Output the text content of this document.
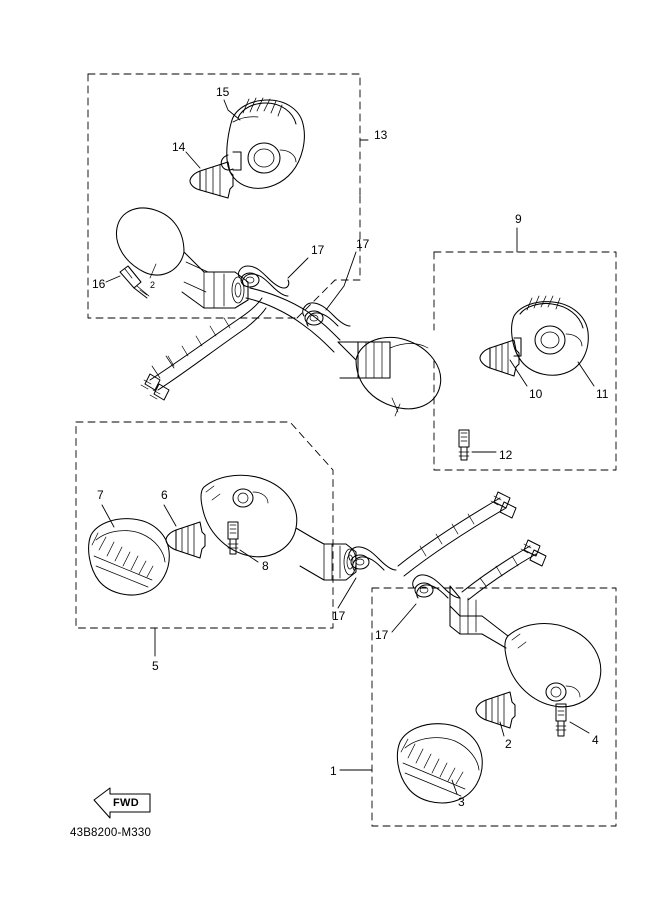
2
13
15
14
16
17	17
9
10	11
12
7	6
8
5
17
17
2	4
1
3
FWD
43B8200-M330
